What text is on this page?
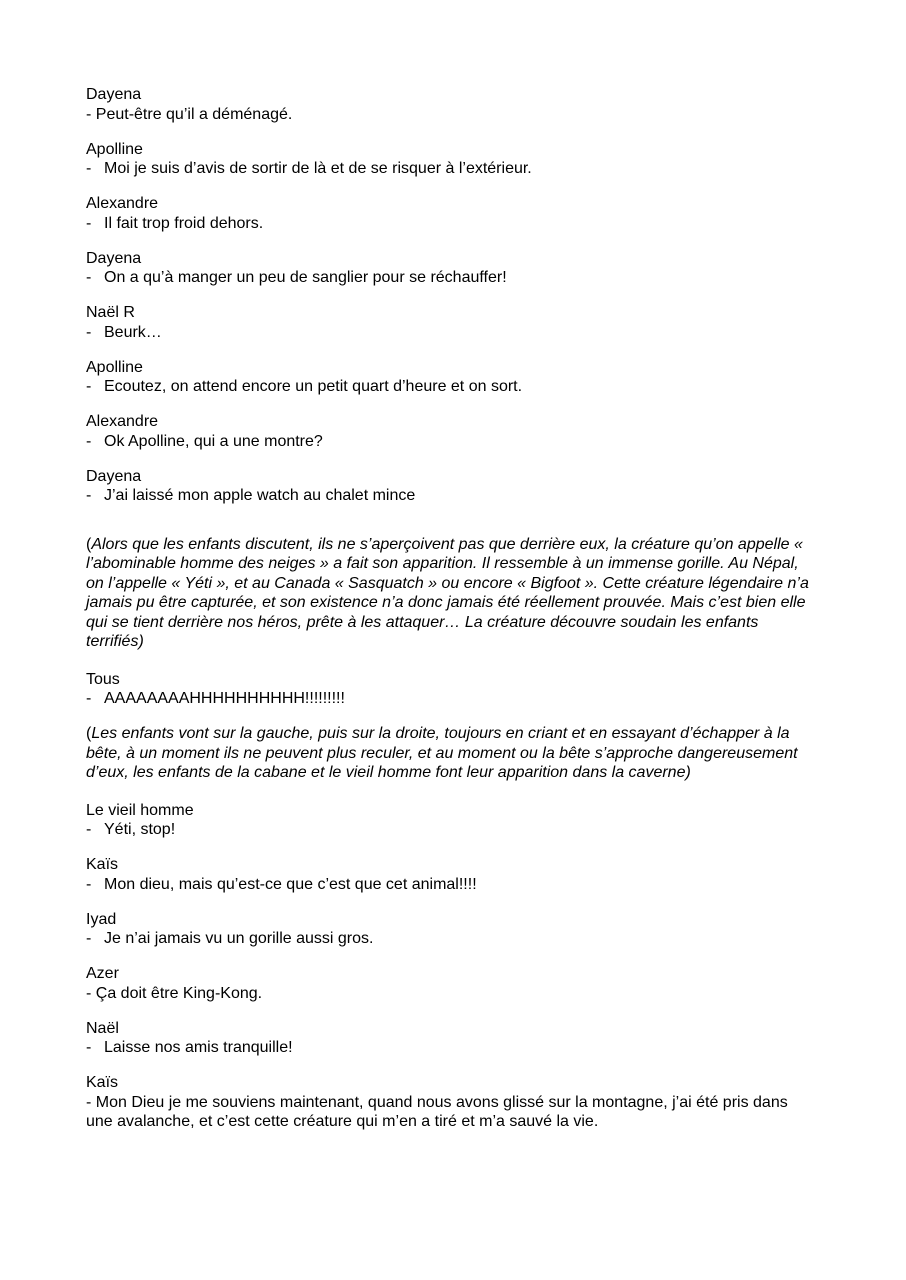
Dayena
- Peut-être qu’il a déménagé.
Apolline
- Moi je suis d’avis de sortir de là et de se risquer à l’extérieur.
Alexandre
- Il fait trop froid dehors.
Dayena
- On a qu’à manger un peu de sanglier pour se réchauffer!
Naël R
- Beurk…
Apolline
- Ecoutez, on attend encore un petit quart d’heure et on sort.
Alexandre
- Ok Apolline, qui a une montre?
Dayena
- J’ai laissé mon apple watch au chalet mince

(Alors que les enfants discutent, ils ne s’aperçoivent pas que derrière eux, la créature qu’on appelle « l’abominable homme des neiges » a fait son apparition. Il ressemble à un immense gorille. Au Népal, on l’appelle « Yéti », et au Canada « Sasquatch » ou encore « Bigfoot ». Cette créature légendaire n’a jamais pu être capturée, et son existence n’a donc jamais été réellement prouvée. Mais c’est bien elle qui se tient derrière nos héros, prête à les attaquer… La créature découvre soudain les enfants terrifiés)

Tous
- AAAAAAAAHHHHHHHHHH!!!!!!!!!

(Les enfants vont sur la gauche, puis sur la droite, toujours en criant et en essayant d’échapper à la bête, à un moment ils ne peuvent plus reculer, et au moment ou la bête s’approche dangereusement d’eux, les enfants de la cabane et le vieil homme font leur apparition dans la caverne)

Le vieil homme
- Yéti, stop!
Kaïs
- Mon dieu, mais qu’est-ce que c’est que cet animal!!!!
Iyad
- Je n’ai jamais vu un gorille aussi gros.
Azer
- Ça doit être King-Kong.
Naël
- Laisse nos amis tranquille!
Kaïs
- Mon Dieu je me souviens maintenant, quand nous avons glissé sur la montagne, j’ai été pris dans une avalanche, et c’est cette créature qui m’en a tiré et m’a sauvé la vie.
